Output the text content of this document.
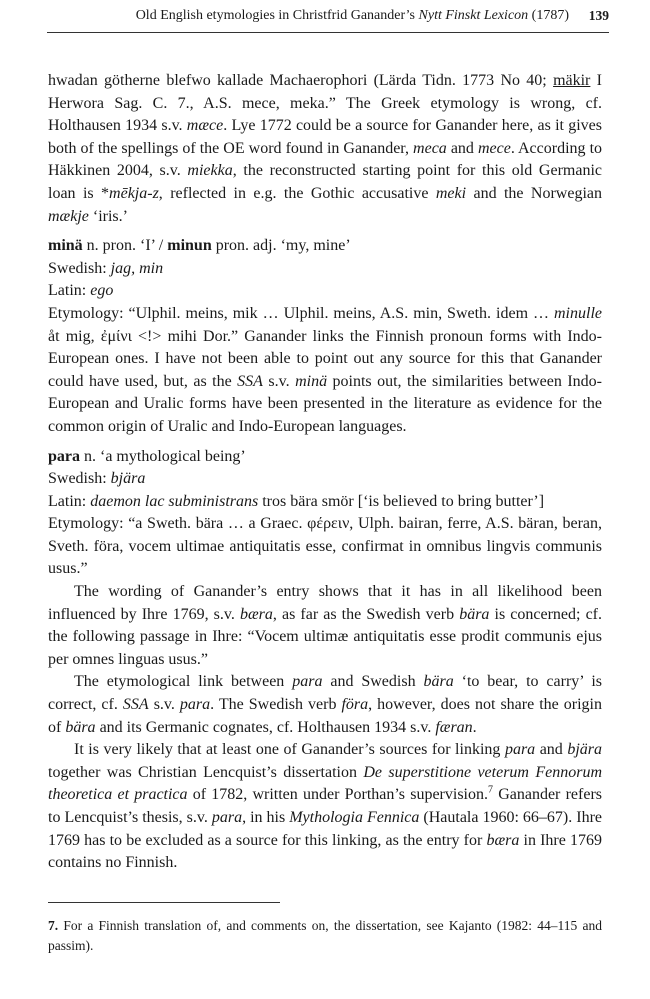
Old English etymologies in Christfrid Ganander’s Nytt Finskt Lexicon (1787) 139

hwadan götherne blefwo kallade Machaerophori (Lärda Tidn. 1773 No 40; mäkir I Herwora Sag. C. 7., A.S. mece, meka.” The Greek etymology is wrong, cf. Holthausen 1934 s.v. mæce. Lye 1772 could be a source for Ganander here, as it gives both of the spellings of the OE word found in Ganander, meca and mece. According to Häkkinen 2004, s.v. miekka, the reconstructed starting point for this old Germanic loan is *mēkja-z, reflected in e.g. the Gothic accusative meki and the Norwegian mækje ‘iris.’

minä n. pron. ‘I’ / minun pron. adj. ‘my, mine’

Swedish: jag, min

Latin: ego

Etymology: “Ulphil. meins, mik … Ulphil. meins, A.S. min, Sweth. idem … minulle åt mig, ἐμίνι <!> mihi Dor.” Ganander links the Finnish pronoun forms with Indo-European ones. I have not been able to point out any source for this that Ganander could have used, but, as the SSA s.v. minä points out, the similarities between Indo-European and Uralic forms have been presented in the literature as evidence for the common origin of Uralic and Indo-European languages.

para n. ‘a mythological being’

Swedish: bjära

Latin: daemon lac subministrans tros bära smör [‘is believed to bring butter’]

Etymology: “a Sweth. bära … a Graec. φέρειν, Ulph. bairan, ferre, A.S. bäran, beran, Sveth. föra, vocem ultimae antiquitatis esse, confirmat in omnibus lingvis communis usus.”

The wording of Ganander’s entry shows that it has in all likelihood been influenced by Ihre 1769, s.v. bæra, as far as the Swedish verb bära is concerned; cf. the following passage in Ihre: “Vocem ultimæ antiquitatis esse prodit communis ejus per omnes linguas usus.”

The etymological link between para and Swedish bära ‘to bear, to carry’ is correct, cf. SSA s.v. para. The Swedish verb föra, however, does not share the origin of bära and its Germanic cognates, cf. Holthausen 1934 s.v. færan.

It is very likely that at least one of Ganander’s sources for linking para and bjära together was Christian Lencquist’s dissertation De superstitione veterum Fennorum theoretica et practica of 1782, written under Porthan’s supervision.$^7$ Ganander refers to Lencquist’s thesis, s.v. para, in his Mythologia Fennica (Hautala 1960: 66–67). Ihre 1769 has to be excluded as a source for this linking, as the entry for bæra in Ihre 1769 contains no Finnish.

7. For a Finnish translation of, and comments on, the dissertation, see Kajanto (1982: 44–115 and passim).
